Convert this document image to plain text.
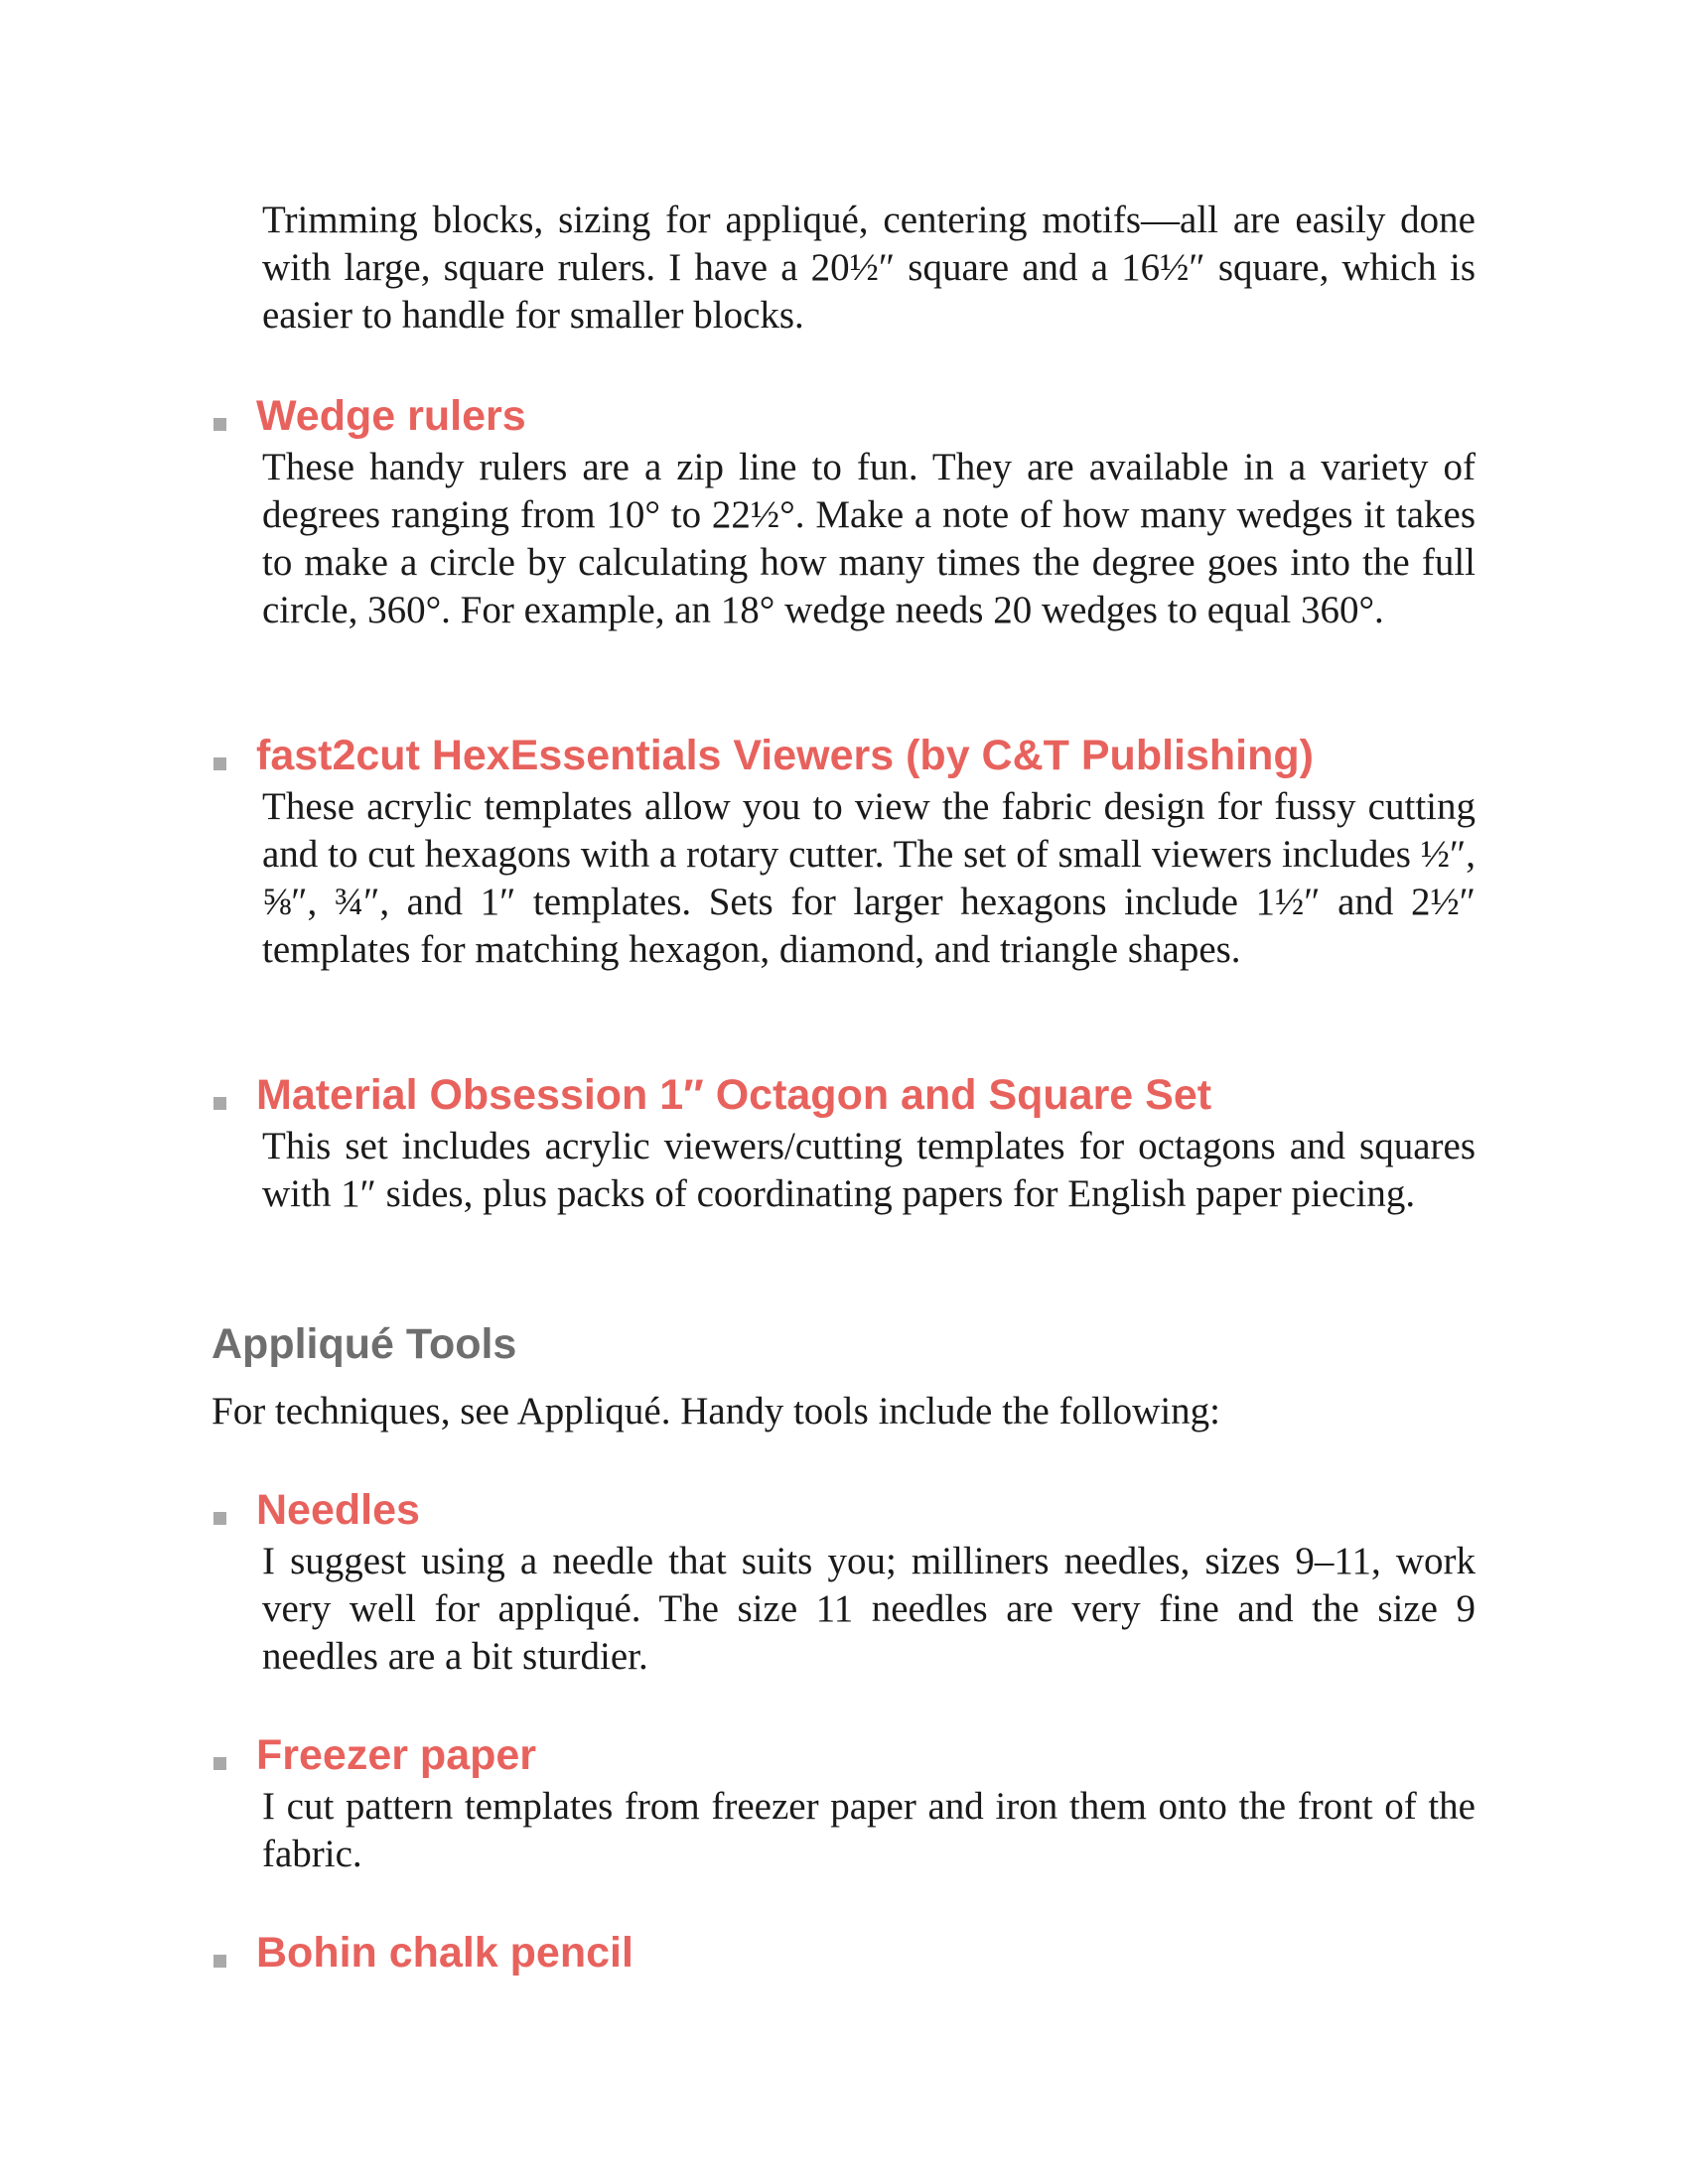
Trimming blocks, sizing for appliqué, centering motifs—all are easily done with large, square rulers. I have a 20½″ square and a 16½″ square, which is easier to handle for smaller blocks.

Wedge rulers

These handy rulers are a zip line to fun. They are available in a variety of degrees ranging from 10° to 22½°. Make a note of how many wedges it takes to make a circle by calculating how many times the degree goes into the full circle, 360°. For example, an 18° wedge needs 20 wedges to equal 360°.

fast2cut HexEssentials Viewers (by C&T Publishing)

These acrylic templates allow you to view the fabric design for fussy cutting and to cut hexagons with a rotary cutter. The set of small viewers includes ½″, ⅝″, ¾″, and 1″ templates. Sets for larger hexagons include 1½″ and 2½″ templates for matching hexagon, diamond, and triangle shapes.

Material Obsession 1″ Octagon and Square Set

This set includes acrylic viewers/cutting templates for octagons and squares with 1″ sides, plus packs of coordinating papers for English paper piecing.

Appliqué Tools

For techniques, see Appliqué. Handy tools include the following:

Needles

I suggest using a needle that suits you; milliners needles, sizes 9–11, work very well for appliqué. The size 11 needles are very fine and the size 9 needles are a bit sturdier.

Freezer paper

I cut pattern templates from freezer paper and iron them onto the front of the fabric.

Bohin chalk pencil
